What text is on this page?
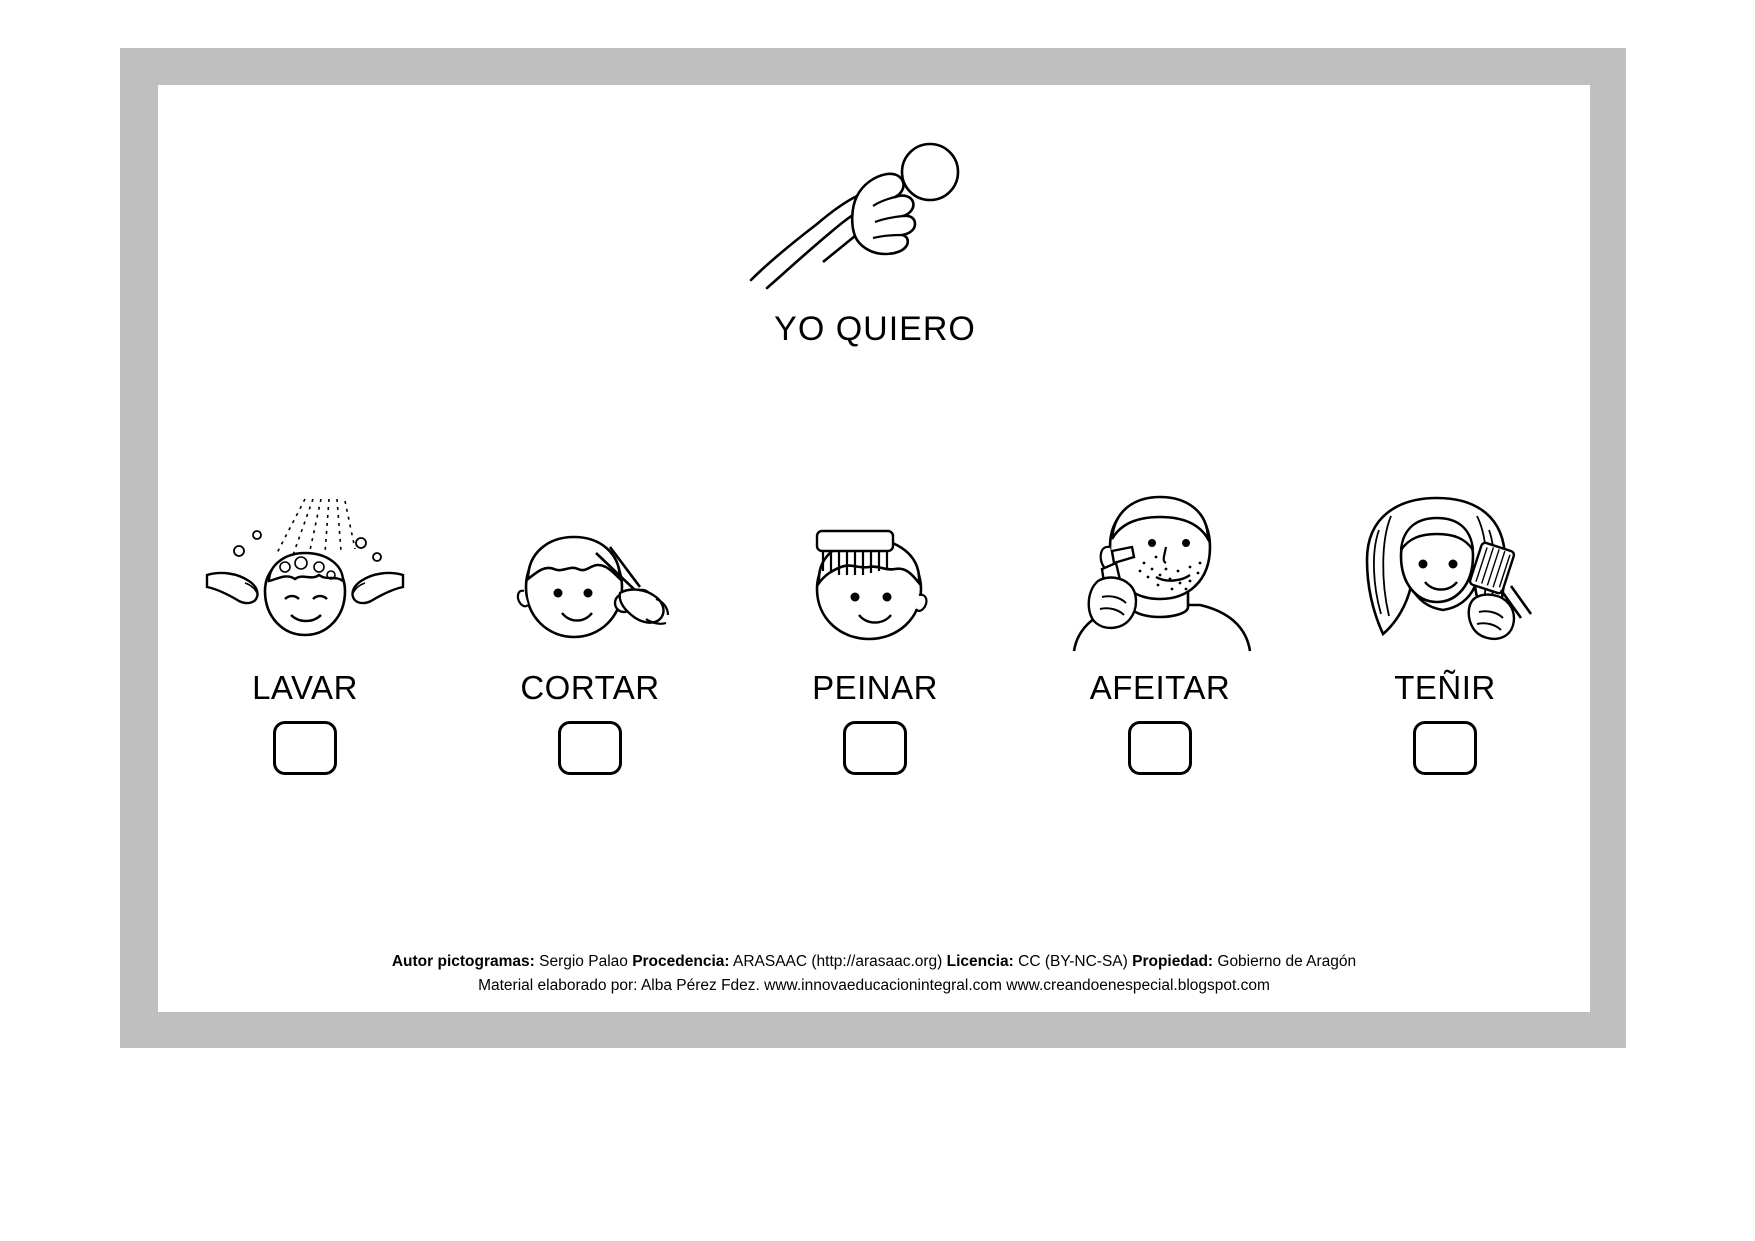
YO QUIERO
LAVAR	CORTAR	PEINAR	AFEITAR	TEÑIR
Autor pictogramas: Sergio Palao Procedencia: ARASAAC (http://arasaac.org) Licencia: CC (BY-NC-SA) Propiedad: Gobierno de Aragón
Material elaborado por: Alba Pérez Fdez. www.innovaeducacionintegral.com www.creandoenespecial.blogspot.com
